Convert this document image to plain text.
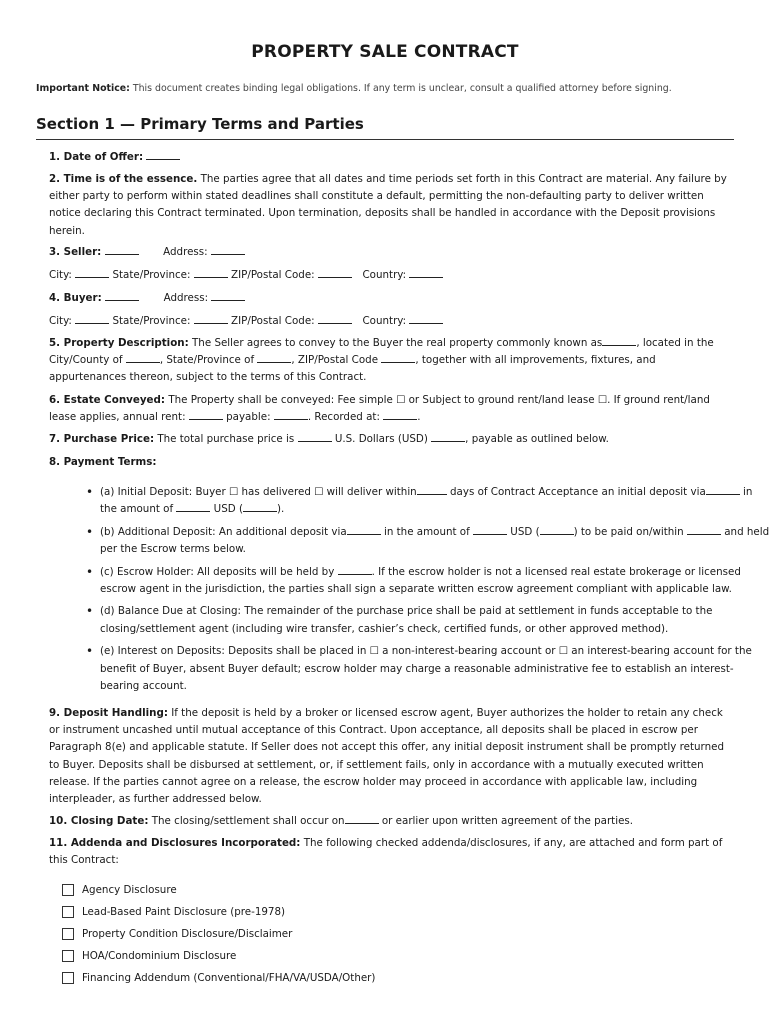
PROPERTY SALE CONTRACT
Important Notice: This document creates binding legal obligations. If any term is unclear, consult a qualified attorney before signing.
Section 1 — Primary Terms and Parties
1. Date of Offer:
2. Time is of the essence. The parties agree that all dates and time periods set forth in this Contract are material. Any failure by either party to perform within stated deadlines shall constitute a default, permitting the non-defaulting party to deliver written notice declaring this Contract terminated. Upon termination, deposits shall be handled in accordance with the Deposit provisions herein.
3. Seller:	Address:
City:	State/Province:	ZIP/Postal Code:	Country:
4. Buyer:	Address:
City:	State/Province:	ZIP/Postal Code:	Country:
5. Property Description: The Seller agrees to convey to the Buyer the real property commonly known as	, located in the City/County of	, State/Province of	, ZIP/Postal Code	, together with all improvements, fixtures, and appurtenances thereon, subject to the terms of this Contract.
6. Estate Conveyed: The Property shall be conveyed: Fee simple ☐ or Subject to ground rent/land lease ☐. If ground rent/land lease applies, annual rent:	payable:	. Recorded at:	.
7. Purchase Price: The total purchase price is	U.S. Dollars (USD)	, payable as outlined below.
8. Payment Terms:
• (a) Initial Deposit: Buyer ☐ has delivered ☐ will deliver within	days of Contract Acceptance an initial deposit via	in the amount of	USD (	).
• (b) Additional Deposit: An additional deposit via	in the amount of	USD (	) to be paid on/within	and held per the Escrow terms below.
• (c) Escrow Holder: All deposits will be held by	. If the escrow holder is not a licensed real estate brokerage or licensed escrow agent in the jurisdiction, the parties shall sign a separate written escrow agreement compliant with applicable law.
• (d) Balance Due at Closing: The remainder of the purchase price shall be paid at settlement in funds acceptable to the closing/settlement agent (including wire transfer, cashier’s check, certified funds, or other approved method).
• (e) Interest on Deposits: Deposits shall be placed in ☐ a non-interest-bearing account or ☐ an interest-bearing account for the benefit of Buyer, absent Buyer default; escrow holder may charge a reasonable administrative fee to establish an interest-bearing account.
9. Deposit Handling: If the deposit is held by a broker or licensed escrow agent, Buyer authorizes the holder to retain any check or instrument uncashed until mutual acceptance of this Contract. Upon acceptance, all deposits shall be placed in escrow per Paragraph 8(e) and applicable statute. If Seller does not accept this offer, any initial deposit instrument shall be promptly returned to Buyer. Deposits shall be disbursed at settlement, or, if settlement fails, only in accordance with a mutually executed written release. If the parties cannot agree on a release, the escrow holder may proceed in accordance with applicable law, including interpleader, as further addressed below.
10. Closing Date: The closing/settlement shall occur on	or earlier upon written agreement of the parties.
11. Addenda and Disclosures Incorporated: The following checked addenda/disclosures, if any, are attached and form part of this Contract:
Agency Disclosure
Lead-Based Paint Disclosure (pre-1978)
Property Condition Disclosure/Disclaimer
HOA/Condominium Disclosure
Financing Addendum (Conventional/FHA/VA/USDA/Other)
